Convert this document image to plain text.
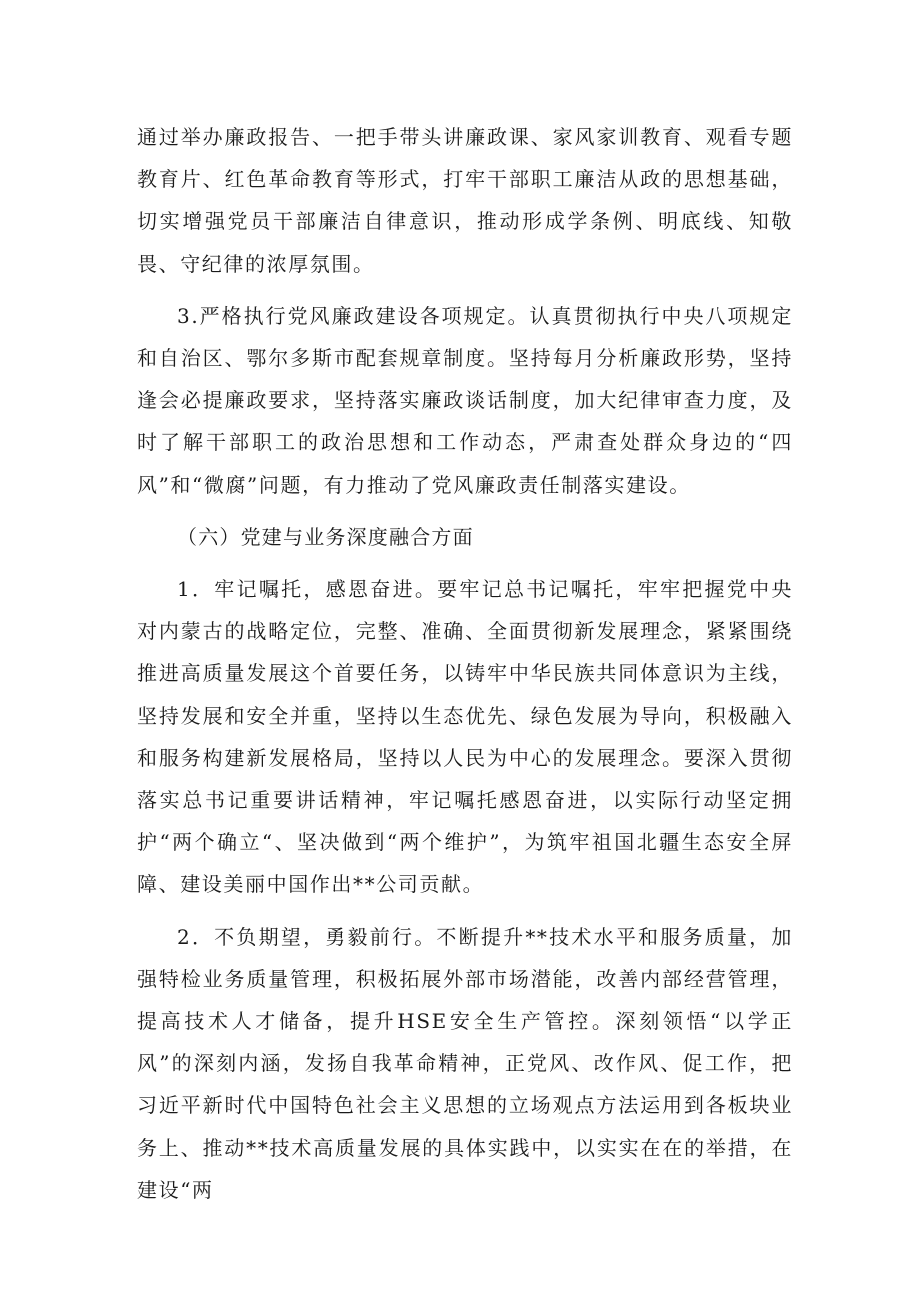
通过举办廉政报告、一把手带头讲廉政课、家风家训教育、观看专题教育片、红色革命教育等形式，打牢干部职工廉洁从政的思想基础，切实增强党员干部廉洁自律意识，推动形成学条例、明底线、知敬畏、守纪律的浓厚氛围。

3.严格执行党风廉政建设各项规定。认真贯彻执行中央八项规定和自治区、鄂尔多斯市配套规章制度。坚持每月分析廉政形势，坚持逢会必提廉政要求，坚持落实廉政谈话制度，加大纪律审查力度，及时了解干部职工的政治思想和工作动态，严肃查处群众身边的“四风”和“微腐”问题，有力推动了党风廉政责任制落实建设。

（六）党建与业务深度融合方面

1．牢记嘱托，感恩奋进。要牢记总书记嘱托，牢牢把握党中央对内蒙古的战略定位，完整、准确、全面贯彻新发展理念，紧紧围绕推进高质量发展这个首要任务，以铸牢中华民族共同体意识为主线，坚持发展和安全并重，坚持以生态优先、绿色发展为导向，积极融入和服务构建新发展格局，坚持以人民为中心的发展理念。要深入贯彻落实总书记重要讲话精神，牢记嘱托感恩奋进，以实际行动坚定拥护“两个确立“、坚决做到“两个维护”，为筑牢祖国北疆生态安全屏障、建设美丽中国作出**公司贡献。

2．不负期望，勇毅前行。不断提升**技术水平和服务质量，加强特检业务质量管理，积极拓展外部市场潜能，改善内部经营管理，提高技术人才储备，提升HSE安全生产管控。深刻领悟“以学正风”的深刻内涵，发扬自我革命精神，正党风、改作风、促工作，把习近平新时代中国特色社会主义思想的立场观点方法运用到各板块业务上、推动**技术高质量发展的具体实践中，以实实在在的举措，在建设“两
